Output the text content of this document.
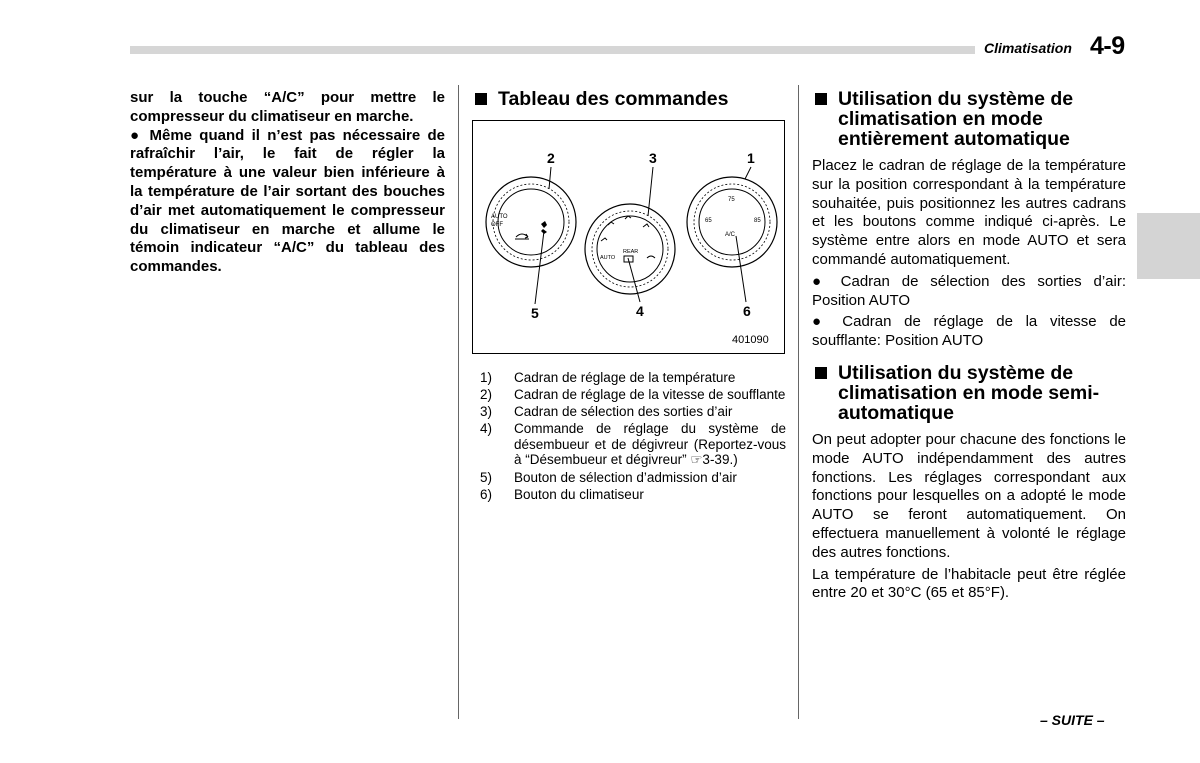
Climatisation 4-9

sur la touche “A/C” pour mettre le compresseur du climatiseur en marche.

● Même quand il n’est pas nécessaire de rafraîchir l’air, le fait de régler la température à une valeur bien inférieure à la température de l’air sortant des bouches d’air met automatiquement le compresseur du climatiseur en marche et allume le témoin indicateur “A/C” du tableau des commandes.

Tableau des commandes
2	3	1
5	4	6
AUTO
OFF
AUTO
REAR
75
65	85
A/C
401090
1)	Cadran de réglage de la température
2)	Cadran de réglage de la vitesse de soufflante
3)	Cadran de sélection des sorties d’air
4)	Commande de réglage du système de désembueur et de dégivreur (Reportez-vous à “Désembueur et dégivreur” ☞3-39.)
5)	Bouton de sélection d’admission d’air
6)	Bouton du climatiseur
Utilisation du système de climatisation en mode entièrement automatique

Placez le cadran de réglage de la température sur la position correspondant à la température souhaitée, puis positionnez les autres cadrans et les boutons comme indiqué ci-après. Le système entre alors en mode AUTO et sera commandé automatiquement.

● Cadran de sélection des sorties d’air: Position AUTO

● Cadran de réglage de la vitesse de soufflante: Position AUTO

Utilisation du système de climatisation en mode semi-automatique

On peut adopter pour chacune des fonctions le mode AUTO indépendamment des autres fonctions. Les réglages correspondant aux fonctions pour lesquelles on a adopté le mode AUTO se feront automatiquement. On effectuera manuellement à volonté le réglage des autres fonctions.

La température de l’habitacle peut être réglée entre 20 et 30°C (65 et 85°F).

– SUITE –
